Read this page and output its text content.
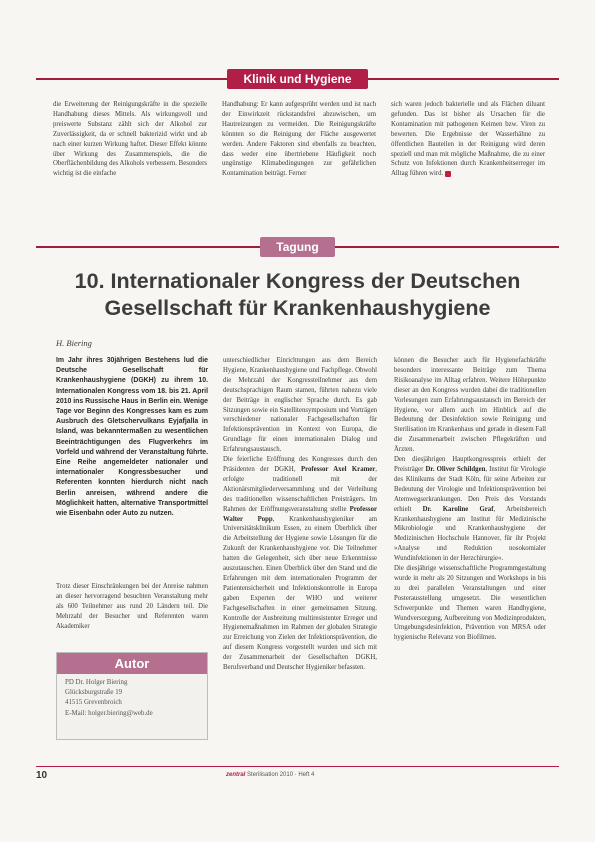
Klinik und Hygiene

die Erweiterung der Reinigungskräfte in die spezielle Handhabung dieses Mittels. Als wirkungsvoll und preiswerte Substanz zählt sich der Alkohol zur Zuverlässigkeit, da er schnell bakterizid wirkt und ab nach einer kurzen Wirkung haftet. Dieser Effekt könnte über Wirkung des Zusammenspiels, die die Oberflächenbildung des Alkohols verbessern. Besonders wichtig ist die einfache

Handhabung: Er kann aufgesprüht werden und ist nach der Einwirkzeit rückstandsfrei abzuwischen, um Hautreizungen zu vermeiden. Die Reinigungskräfte könnten so die Reinigung der Fläche ausgewertet werden. Andere Faktoren sind ebenfalls zu beachten, dass weder eine übertriebene Häufigkeit noch ungünstige Klimabedingungen zur gefährlichen Kontamination beiträgt. Ferner

sich waren jedoch bakterielle und als Flächen diluant gefunden. Das ist bisher als Ursachen für die Kontamination mit pathogenen Keimen bzw. Viren zu bewerten. Die Ergebnisse der Wasserhähne zu öffentlichen Bauteilen in der Reinigung wird deren speziell und man mit mögliche Maßnahme, die zu einer Schutz von Infektionen durch Krankenheitserreger im Alltag führen wird.

Tagung
10. Internationaler Kongress der Deutschen Gesellschaft für Krankenhaushygiene
H. Biering

Im Jahr ihres 30jährigen Bestehens lud die Deutsche Gesellschaft für Krankenhaushygiene (DGKH) zu ihrem 10. Internationalen Kongress vom 18. bis 21. April 2010 ins Russische Haus in Berlin ein. Wenige Tage vor Beginn des Kongresses kam es zum Ausbruch des Gletschervulkans Eyjafjalla in Island, was bekanntermaßen zu wesentlichen Beeinträchtigungen des Flugverkehrs im Vorfeld und während der Veranstaltung führte. Eine Reihe angemeldeter nationaler und internationaler Kongressbesucher und Referenten konnten hierdurch nicht nach Berlin anreisen, während andere die Möglichkeit hatten, alternative Transportmittel wie Eisenbahn oder Auto zu nutzen.

Trotz dieser Einschränkungen bei der Anreise nahmen an dieser hervorragend besuchten Veranstaltung mehr als 600 Teilnehmer aus rund 20 Ländern teil. Die Mehrzahl der Besucher und Referenten waren Akademiker

Autor
PD Dr. Holger Biering
Glücksburgstraße 19
41515 Grevenbroich
E-Mail: holger.biering@web.de

unterschiedlicher Einrichtungen aus dem Bereich Hygiene, Krankenhaushygiene und Fachpflege. Obwohl die Mehrzahl der Kongressteilnehmer aus dem deutschsprachigen Raum stamen, führten nahezu viele der Beiträge in englischer Sprache durch. Es gab Sitzungen sowie ein Satellitensymposium und Vorträgen verschiedener nationaler Fachgesellschaften für Infektionsprävention im Kontext von Europa, die Grundlage für einen internationalen Dialog und Erfahrungsaustausch.

Die feierliche Eröffnung des Kongresses durch den Präsidenten der DGKH, Professor Axel Kramer, erfolgte traditionell mit der Aktionärsmitgliederversammlung und der Verleihung des traditionellen wissenschaftlichen Preisträgers. Im Rahmen der Eröffnungsveranstaltung stellte Professor Walter Popp, Krankenhaushygieniker am Universitätsklinikum Essen, zu einem Überblick über die Arbeitstellung der Hygiene sowie Lösungen für die Zukunft der Krankenhaushygiene vor. Die Teilnehmer hatten die Gelegenheit, sich über neue Erkenntnisse auszutauschen. Einen Überblick über den Stand und die Erfahrungen mit dem internationalen Programm der Patientensicherheit und Infektionskontrolle in Europa gaben Experten der WHO und weiterer Fachgesellschaften in einer gemeinsamen Sitzung. Kontrolle der Ausbreitung multiresistenter Erreger und Hygienemaßnahmen im Rahmen der globalen Strategie zur Erreichung von Zielen der Infektionsprävention, die auf diesem Kongress vorgestellt wurden und sich mit der Zusammenarbeit der Gesellschaften DGKH, Berufsverband und Deutscher Hygieniker befassten.

können die Besucher auch für Hygienefachkräfte besonders interessante Beiträge zum Thema Risikoanalyse im Alltag erfahren. Weitere Höhepunkte dieser an den Kongress wurden dabei die traditionellen Vorlesungen zum Erfahrungsaustausch im Bereich der Hygiene, vor allem auch im Hinblick auf die Bedeutung der Desinfektion sowie Reinigung und Sterilisation im Krankenhaus und gerade in diesem Fall die Zusammenarbeit zwischen Pflegekräften und Ärzten.

Den diesjährigen Hauptkongresspreis erhielt der Preisträger Dr. Oliver Schildgen, Institut für Virologie des Klinikums der Stadt Köln, für seine Arbeiten zur Bedeutung der Virologie und Infektionsprävention bei Atemwegserkrankungen. Den Preis des Vorstands erhielt Dr. Karoline Graf, Arbeitsbereich Krankenhaushygiene am Institut für Medizinische Mikrobiologie und Krankenhaushygiene der Medizinischen Hochschule Hannover, für ihr Projekt »Analyse und Reduktion nosokomialer Wundinfektionen in der Herzchirurgie«.

Die diesjährige wissenschaftliche Programmgestaltung wurde in mehr als 20 Sitzungen und Workshops in bis zu drei parallelen Veranstaltungen und einer Posterausstellung umgesetzt. Die wesentlichen Schwerpunkte und Themen waren Handhygiene, Wundversorgung, Aufbereitung von Medizinprodukten, Umgebungsdesinfektion, Prävention von MRSA oder hygienische Relevanz von Biofilmen.

10	zentral Sterilisation 2010 · Heft 4
